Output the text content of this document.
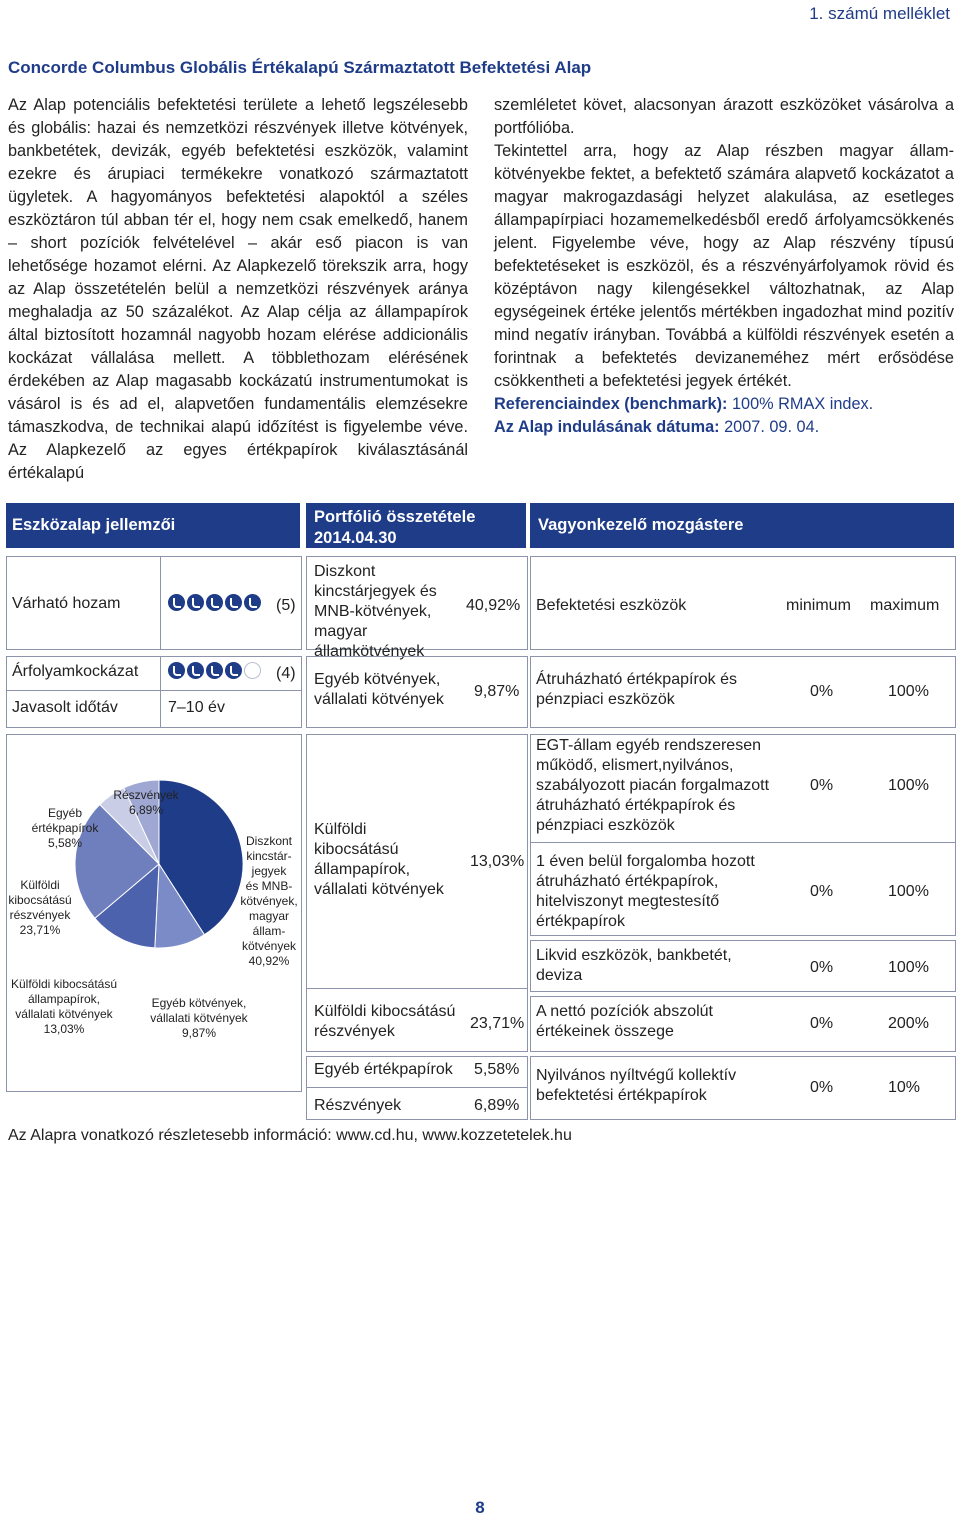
1. számú melléklet
Concorde Columbus Globális Értékalapú Származtatott Befektetési Alap

Az Alap potenciális befektetési területe a lehető legszélesebb és globális: hazai és nemzetközi részvények illetve kötvények, bankbetétek, devizák, egyéb befektetési eszközök, valamint ezekre és árupiaci termékekre vonatkozó származtatott ügyletek. A hagyományos befektetési alapoktól a széles eszköztáron túl abban tér el, hogy nem csak emelkedő, hanem – short pozíciók felvételével – akár eső piacon is van lehetősége hozamot elérni. Az Alapkezelő törekszik arra, hogy az Alap összetételén belül a nemzetközi részvények aránya meghaladja az 50 százalékot. Az Alap célja az állampapírok által biztosított hozamnál nagyobb hozam elérése addicionális kockázat vállalása mellett. A többlethozam elérésének érdekében az Alap magasabb kockázatú instrumentumokat is vásárol is és ad el, alapvetően fundamentális elemzésekre támaszkodva, de technikai alapú időzítést is figyelembe véve. Az Alapkezelő az egyes értékpapírok kiválasztásánál értékalapú

szemléletet követ, alacsonyan árazott eszközöket vásárolva a portfólióba.

Tekintettel arra, hogy az Alap részben magyar államkötvényekbe fektet, a befektető számára alapvető kockázatot a magyar makrogazdasági helyzet alakulása, az esetleges állampapírpiaci hozamemelkedésből eredő árfolyamcsökkenés jelent. Figyelembe véve, hogy az Alap részvény típusú befektetéseket is eszközöl, és a részvényárfolyamok rövid és középtávon nagy kilengésekkel változhatnak, az Alap egységeinek értéke jelentős mértékben ingadozhat mind pozitív mind negatív irányban. Továbbá a külföldi részvények esetén a forintnak a befektetés devizaneméhez mért erősödése csökkentheti a befektetési jegyek értékét.

Referenciaindex (benchmark): 100% RMAX index.

Az Alap indulásának dátuma: 2007. 09. 04.

Eszközalap jellemzői	Portfólió összetétele 2014.04.30
Vagyonkezelő mozgástere
Várható hozam	(5)
Árfolyamkockázat	(4)
Javasolt időtáv	7–10 év
Diszkont
kincstár-
jegyek
és MNB-
kötvények,
magyar
állam-
kötvények
40,92%
Egyéb kötvények,
vállalati kötvények
9,87%
Külföldi kibocsátású
állampapírok,
vállalati kötvények
13,03%
Külföldi
kibocsátású
részvények
23,71%
Egyéb
értékpapírok
5,58%
Részvények
6,89%
Diszkont kincstárjegyek és MNB-kötvények, magyar államkötvények
40,92%
Egyéb kötvények, vállalati kötvények	9,87%
Külföldi kibocsátású állampapírok, vállalati kötvények
13,03%
Külföldi kibocsátású részvények	23,71%
Egyéb értékpapírok 5,58%
Részvények	6,89%
Befektetési eszközök	minimum maximum
Átruházható értékpapírok és pénzpiaci eszközök	0%	100%
EGT-állam egyéb rendszeresen működő, elismert,nyilvános, szabályozott piacán forgalmazott átruházható értékpapírok és pénzpiaci eszközök
0%	100%
1 éven belül forgalomba hozott átruházható értékpapírok, hitelviszonyt megtestesítő értékpapírok
0%	100%
Likvid eszközök, bankbetét, deviza	0%	100%
A nettó pozíciók abszolút értékeinek összege	0%	200%
Nyilvános nyíltvégű kollektív befektetési értékpapírok	0%	10%
Az Alapra vonatkozó részletesebb információ: www.cd.hu, www.kozzetetelek.hu
8
